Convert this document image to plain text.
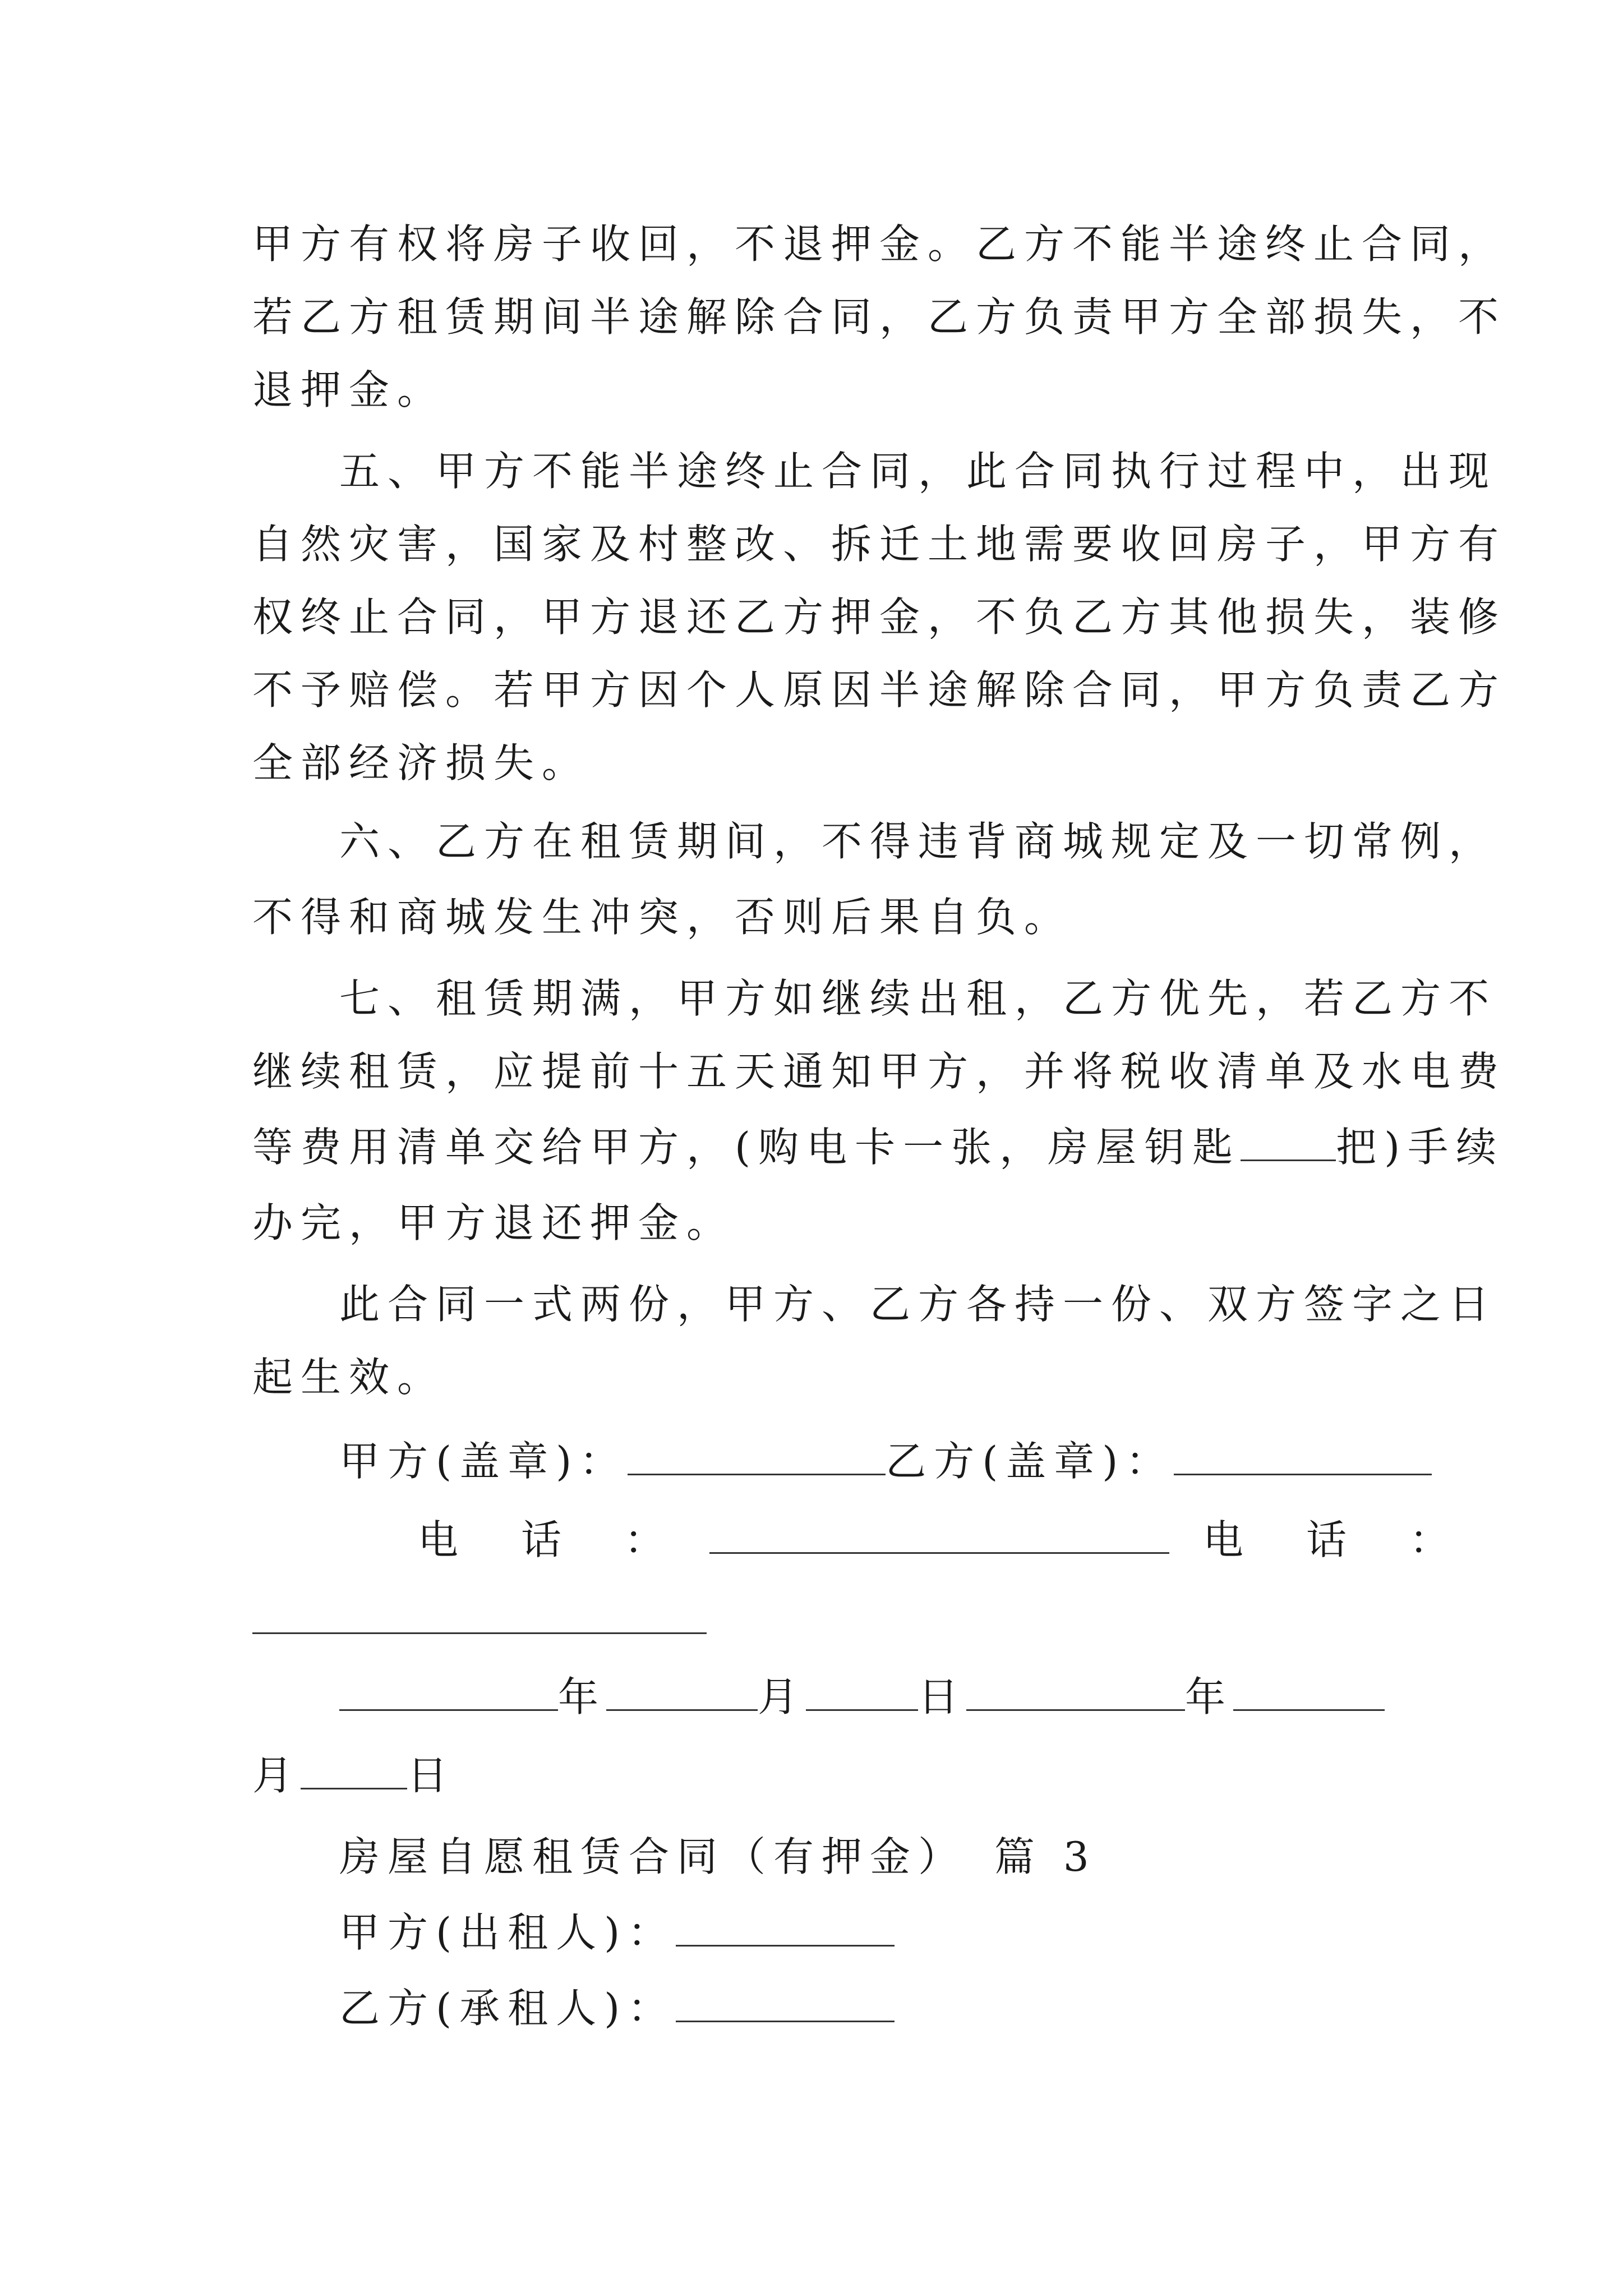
甲方有权将房子收回，不退押金。乙方不能半途终止合同，
若乙方租赁期间半途解除合同，乙方负责甲方全部损失，不
退押金。
五、甲方不能半途终止合同，此合同执行过程中，出现
自然灾害，国家及村整改、拆迁土地需要收回房子，甲方有
权终止合同，甲方退还乙方押金，不负乙方其他损失，装修
不予赔偿。若甲方因个人原因半途解除合同，甲方负责乙方
全部经济损失。
六、乙方在租赁期间，不得违背商城规定及一切常例，
不得和商城发生冲突，否则后果自负。
七、租赁期满，甲方如继续出租，乙方优先，若乙方不
继续租赁，应提前十五天通知甲方，并将税收清单及水电费
等费用清单交给甲方，(购电卡一张，房屋钥匙 把)手续
办完，甲方退还押金。
此合同一式两份，甲方、乙方各持一份、双方签字之日
起生效。
甲方(盖章)：	乙方(盖章)：
电　话　：	电　话　：
年	月	日	年
月	日
房屋自愿租赁合同（有押金）　篇 3
甲方(出租人)：
乙方(承租人)：
